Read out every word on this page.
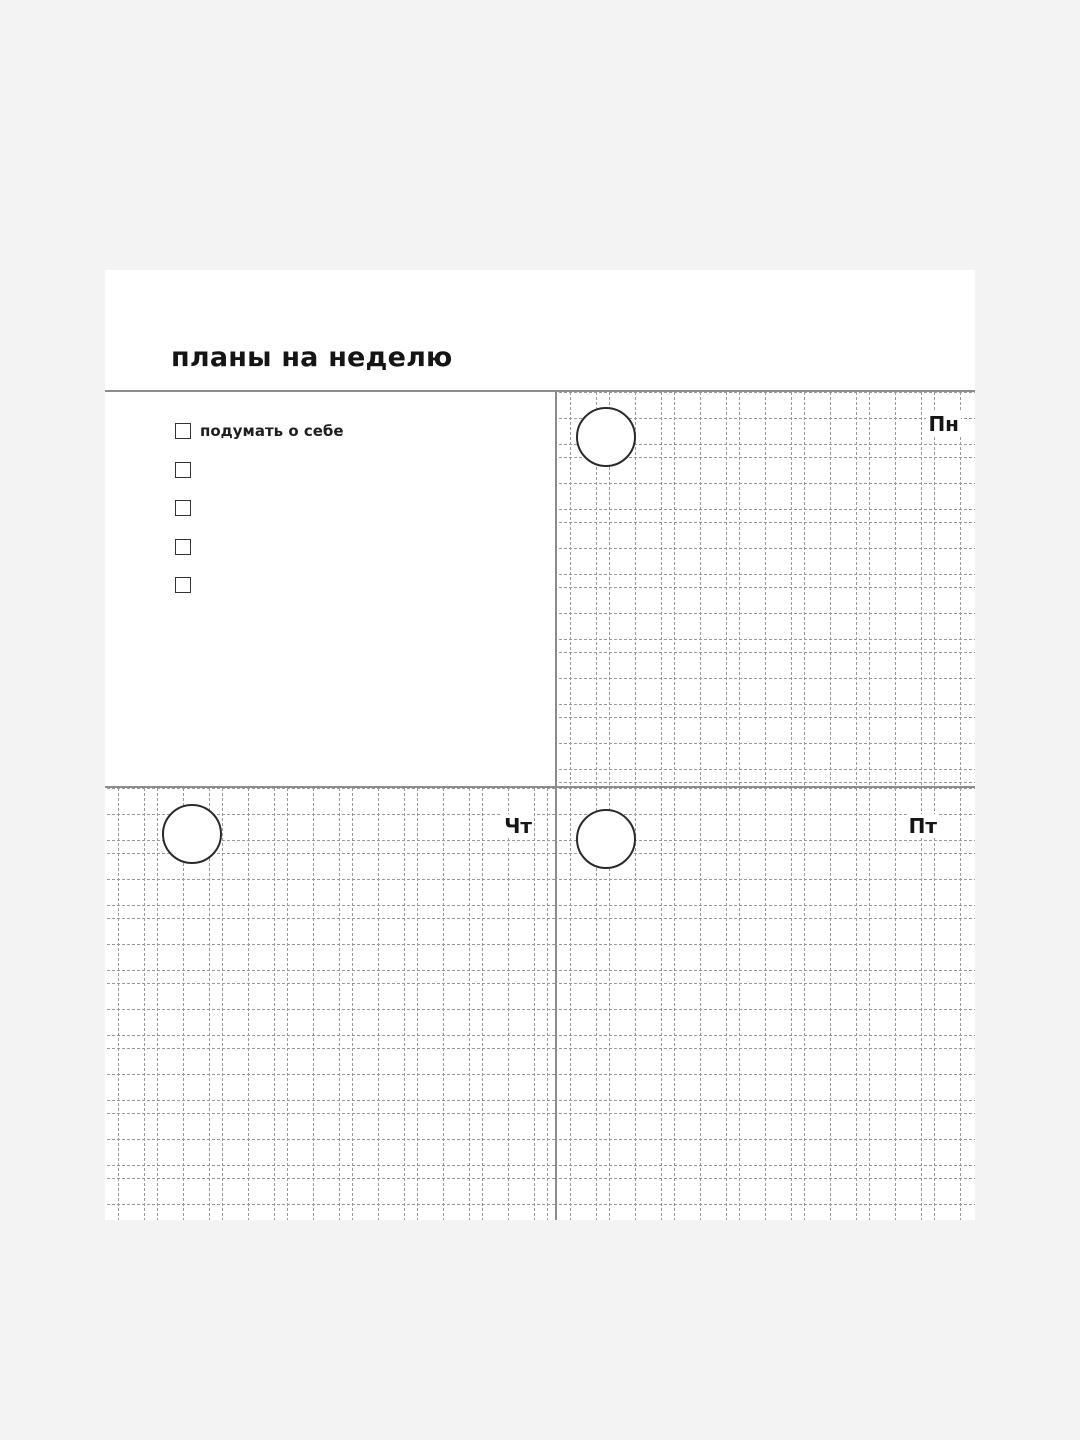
планы на неделю
подумать о себе	Пн
Чт	Пт
